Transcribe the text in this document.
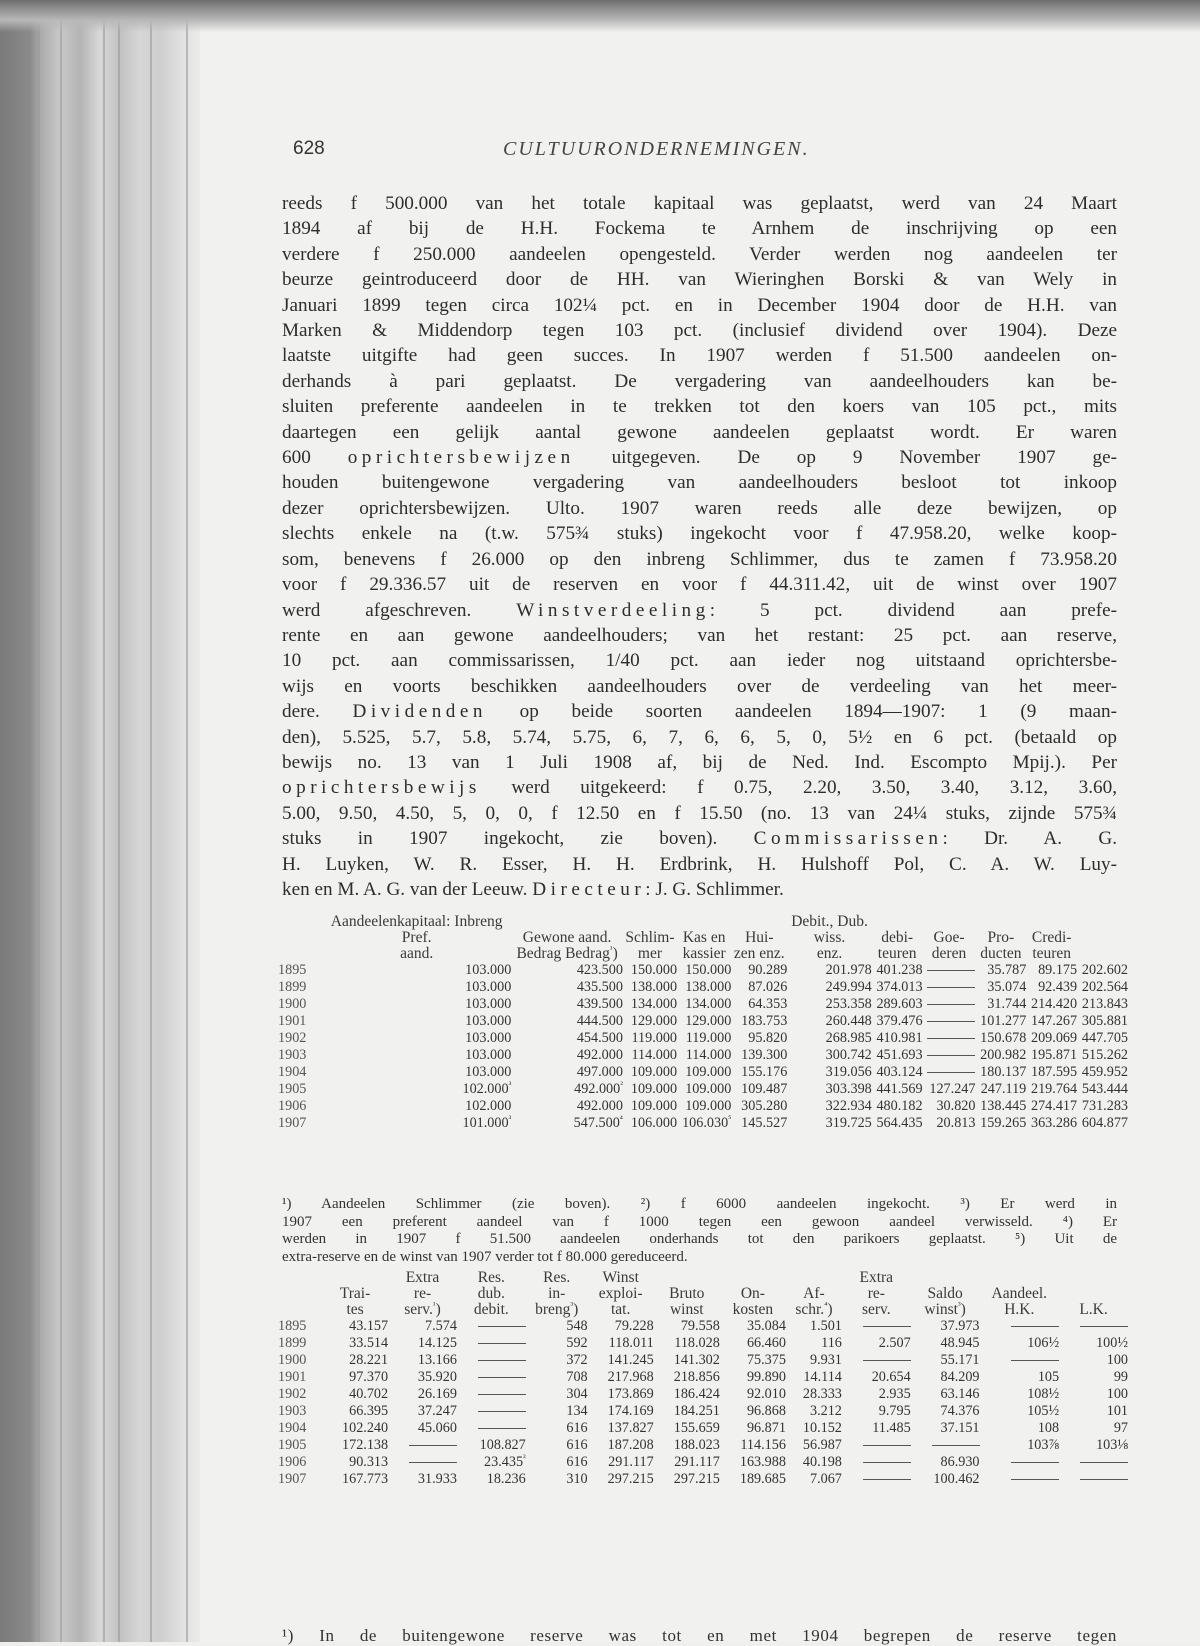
628	CULTUURONDERNEMINGEN.
reeds f 500.000 van het totale kapitaal was geplaatst, werd van 24 Maart
1894 af bij de H.H. Fockema te Arnhem de inschrijving op een
verdere f 250.000 aandeelen opengesteld. Verder werden nog aandeelen ter
beurze geintroduceerd door de HH. van Wieringhen Borski & van Wely in
Januari 1899 tegen circa 102¼ pct. en in December 1904 door de H.H. van
Marken & Middendorp tegen 103 pct. (inclusief dividend over 1904). Deze
laatste uitgifte had geen succes. In 1907 werden f 51.500 aandeelen on-
derhands à pari geplaatst. De vergadering van aandeelhouders kan be-
sluiten preferente aandeelen in te trekken tot den koers van 105 pct., mits
daartegen een gelijk aantal gewone aandeelen geplaatst wordt. Er waren
600 oprichtersbewijzen uitgegeven. De op 9 November 1907 ge-
houden buitengewone vergadering van aandeelhouders besloot tot inkoop
dezer oprichtersbewijzen. Ulto. 1907 waren reeds alle deze bewijzen, op
slechts enkele na (t.w. 575¾ stuks) ingekocht voor f 47.958.20, welke koop-
som, benevens f 26.000 op den inbreng Schlimmer, dus te zamen f 73.958.20
voor f 29.336.57 uit de reserven en voor f 44.311.42, uit de winst over 1907
werd afgeschreven. Winstverdeeling: 5 pct. dividend aan prefe-
rente en aan gewone aandeelhouders; van het restant: 25 pct. aan reserve,
10 pct. aan commissarissen, 1/40 pct. aan ieder nog uitstaand oprichtersbe-
wijs en voorts beschikken aandeelhouders over de verdeeling van het meer-
dere. Dividenden op beide soorten aandeelen 1894—1907: 1 (9 maan-
den), 5.525, 5.7, 5.8, 5.74, 5.75, 6, 7, 6, 6, 5, 0, 5½ en 6 pct. (betaald op
bewijs no. 13 van 1 Juli 1908 af, bij de Ned. Ind. Escompto Mpij.). Per
oprichtersbewijs werd uitgekeerd: f 0.75, 2.20, 3.50, 3.40, 3.12, 3.60,
5.00, 9.50, 4.50, 5, 0, 0, f 12.50 en f 15.50 (no. 13 van 24¼ stuks, zijnde 575¾
stuks in 1907 ingekocht, zie boven). Commissarissen: Dr. A. G.
H. Luyken, W. R. Esser, H. H. Erdbrink, H. Hulshoff Pol, C. A. W. Luy-
ken en M. A. G. van der Leeuw. Directeur: J. G. Schlimmer.
	Aandeelenkapitaal: Inbreng					Debit., Dub.					
	Pref.	Gewone aand.	Schlim-	Kas en	Hui-	wiss.	debi-	Goe-	Pro-	Credi-	
	aand.	Bedrag Bedrag$^{^1}$)	mer	kassier	zen enz.	enz.	teuren	deren	ducten	teuren	
1895	103.000	423.500	150.000	150.000	90.289	201.978	401.238		35.787	89.175	202.602
1899	103.000	435.500	138.000	138.000	87.026	249.994	374.013		35.074	92.439	202.564
1900	103.000	439.500	134.000	134.000	64.353	253.358	289.603		31.744	214.420	213.843
1901	103.000	444.500	129.000	129.000	183.753	260.448	379.476		101.277	147.267	305.881
1902	103.000	454.500	119.000	119.000	95.820	268.985	410.981		150.678	209.069	447.705
1903	103.000	492.000	114.000	114.000	139.300	300.742	451.693		200.982	195.871	515.262
1904	103.000	497.000	109.000	109.000	155.176	319.056	403.124		180.137	187.595	459.952
1905	$102.000^{^3}$	$492.000^{^2}$	109.000	109.000	109.487	303.398	441.569	127.247	247.119	219.764	543.444
1906	102.000	492.000	109.000	109.000	305.280	322.934	480.182	30.820	138.445	274.417	731.283
1907	$101.000^{^3}$	$547.500^{^4}$	106.000	$106.030^{^5}$	145.527	319.725	564.435	20.813	159.265	363.286	604.877
¹) Aandeelen Schlimmer (zie boven). ²) f 6000 aandeelen ingekocht. ³) Er werd in
1907 een preferent aandeel van f 1000 tegen een gewoon aandeel verwisseld. ⁴) Er
werden in 1907 f 51.500 aandeelen onderhands tot den parikoers geplaatst. ⁵) Uit de
extra-reserve en de winst van 1907 verder tot f 80.000 gereduceerd.
		Extra	Res.	Res.	Winst				Extra			
	Trai-	re-	dub.	in-	exploi-	Bruto	On-	Af-	re-	Saldo	Aandeel.	
	tes	serv.$^{^1}$)	debit.	breng$^{^3}$)	tat.	winst	kosten	schr.$^{^4}$)	serv.	winst$^{^3}$)	H.K.	L.K.
1895	43.157	7.574		548	79.228	79.558	35.084	1.501		37.973		
1899	33.514	14.125		592	118.011	118.028	66.460	116	2.507	48.945	106½	100½
1900	28.221	13.166		372	141.245	141.302	75.375	9.931		55.171		100
1901	97.370	35.920		708	217.968	218.856	99.890	14.114	20.654	84.209	105	99
1902	40.702	26.169		304	173.869	186.424	92.010	28.333	2.935	63.146	108½	100
1903	66.395	37.247		134	174.169	184.251	96.868	3.212	9.795	74.376	105½	101
1904	102.240	45.060		616	137.827	155.659	96.871	10.152	11.485	37.151	108	97
1905	172.138		108.827	616	187.208	188.023	114.156	56.987			103⅞	103⅛
1906	90.313		$23.435^{^2}$	616	291.117	291.117	163.988	40.198		86.930		
1907	167.773	31.933	18.236	310	297.215	297.215	189.685	7.067		100.462		
¹) In de buitengewone reserve was tot en met 1904 begrepen de reserve tegen
